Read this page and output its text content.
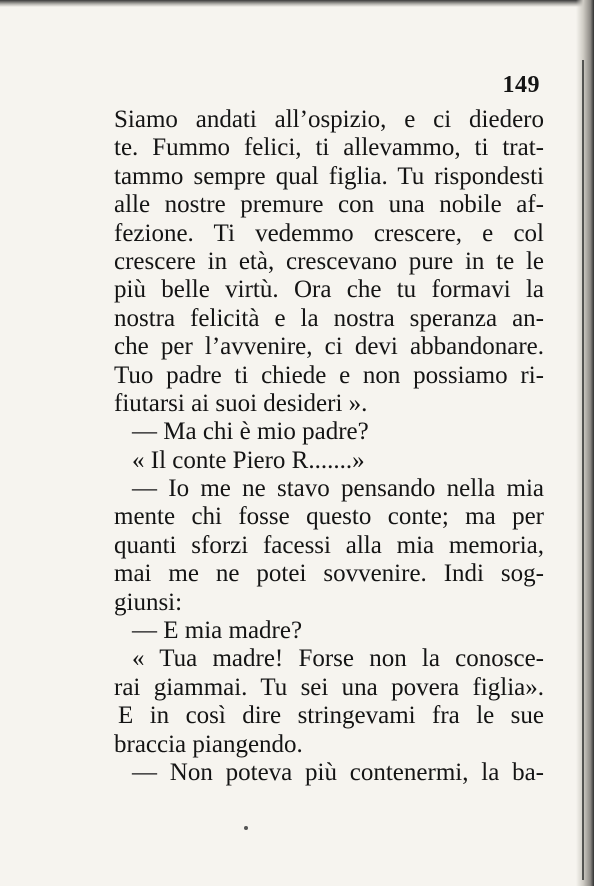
149
Siamo andati all’ospizio, e ci diedero
te. Fummo felici, ti allevammo, ti trat-
tammo sempre qual figlia. Tu rispondesti
alle nostre premure con una nobile af-
fezione. Ti vedemmo crescere, e col
crescere in età, crescevano pure in te le
più belle virtù. Ora che tu formavi la
nostra felicità e la nostra speranza an-
che per l’avvenire, ci devi abbandonare.
Tuo padre ti chiede e non possiamo ri-
fiutarsi ai suoi desideri ».
— Ma chi è mio padre?
« Il conte Piero R.......»
— Io me ne stavo pensando nella mia
mente chi fosse questo conte; ma per
quanti sforzi facessi alla mia memoria,
mai me ne potei sovvenire. Indi sog-
giunsi:
— E mia madre?
« Tua madre! Forse non la conosce-
rai giammai. Tu sei una povera figlia».
E in così dire stringevami fra le sue
braccia piangendo.
— Non poteva più contenermi, la ba-
